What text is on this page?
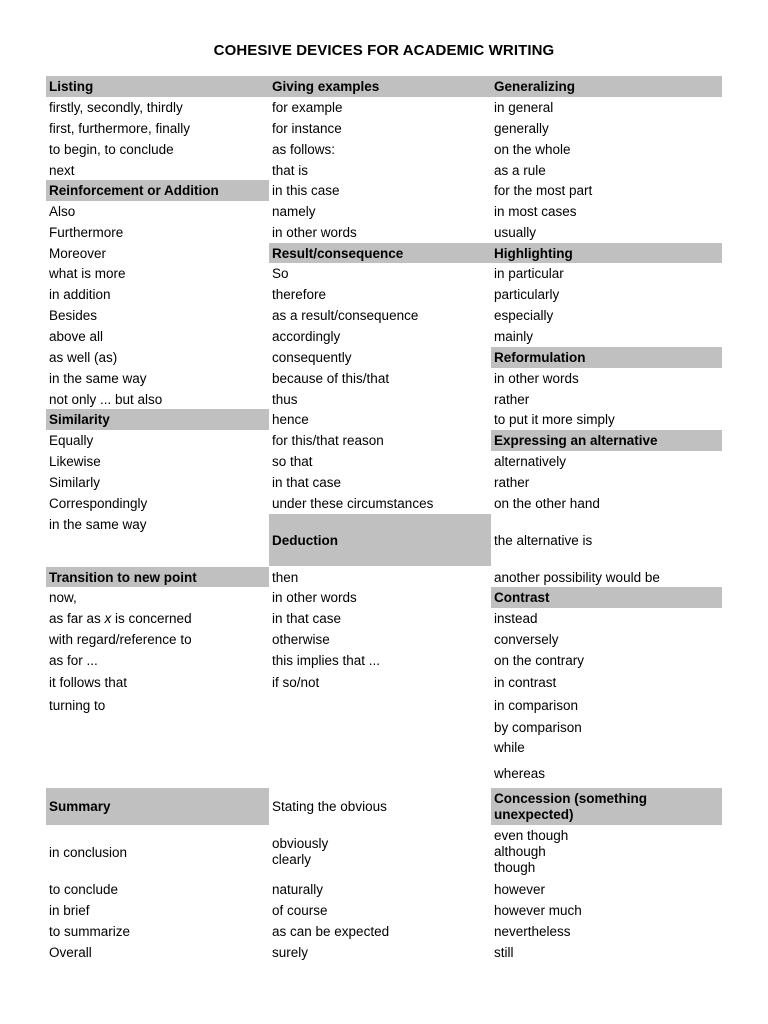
COHESIVE DEVICES FOR ACADEMIC WRITING
Listing
firstly, secondly, thirdly
first, furthermore, finally
to begin, to conclude
next
Reinforcement or Addition
Also
Furthermore
Moreover
what is more
in addition
Besides
above all
as well (as)
in the same way
not only ... but also
Similarity
Equally
Likewise
Similarly
Correspondingly
in the same way
Transition to new point
now,
as far as x is concerned
with regard/reference to
as for ...
it follows that
turning to
Summary
in conclusion
to conclude
in brief
to summarize
Overall
Giving examples
for example
for instance
as follows:
that is
in this case
namely
in other words
Result/consequence
So
therefore
as a result/consequence
accordingly
consequently
because of this/that
thus
hence
for this/that reason
so that
in that case
under these circumstances
Deduction
then
in other words
in that case
otherwise
this implies that ...
if so/not
Stating the obvious
obviously
clearly
naturally
of course
as can be expected
surely
Generalizing
in general
generally
on the whole
as a rule
for the most part
in most cases
usually
Highlighting
in particular
particularly
especially
mainly
Reformulation
in other words
rather
to put it more simply
Expressing an alternative
alternatively
rather
on the other hand
the alternative is
another possibility would be
Contrast
instead
conversely
on the contrary
in contrast
in comparison
by comparison
while
whereas
Concession (something
unexpected)
even though
although
though
however
however much
nevertheless
still
